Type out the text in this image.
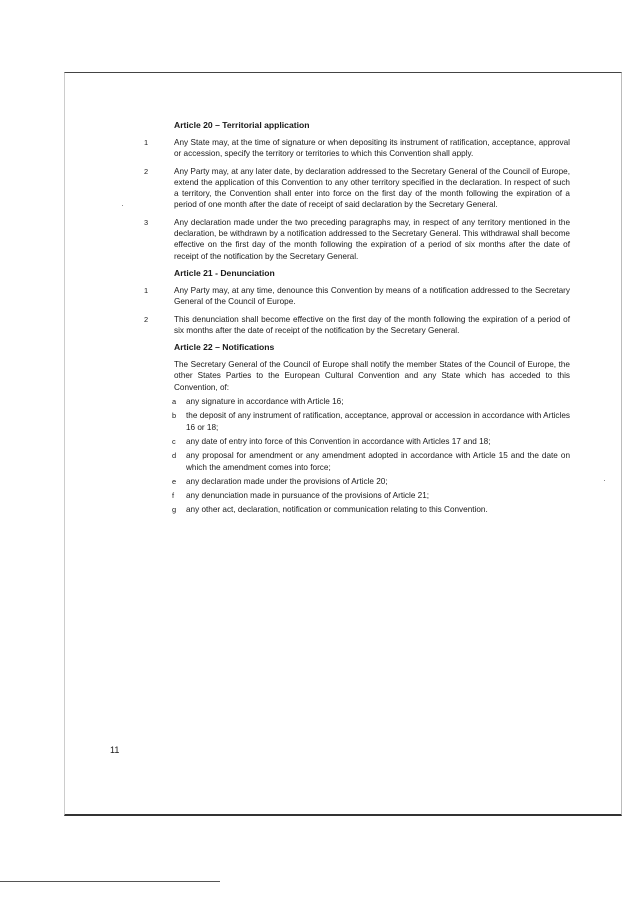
Article 20 – Territorial application
1	Any State may, at the time of signature or when depositing its instrument of ratification, acceptance, approval or accession, specify the territory or territories to which this Convention shall apply.
2	Any Party may, at any later date, by declaration addressed to the Secretary General of the Council of Europe, extend the application of this Convention to any other territory specified in the declaration. In respect of such a territory, the Convention shall enter into force on the first day of the month following the expiration of a period of one month after the date of receipt of said declaration by the Secretary General.
3	Any declaration made under the two preceding paragraphs may, in respect of any territory mentioned in the declaration, be withdrawn by a notification addressed to the Secretary General. This withdrawal shall become effective on the first day of the month following the expiration of a period of six months after the date of receipt of the notification by the Secretary General.
Article 21 - Denunciation
1	Any Party may, at any time, denounce this Convention by means of a notification addressed to the Secretary General of the Council of Europe.
2	This denunciation shall become effective on the first day of the month following the expiration of a period of six months after the date of receipt of the notification by the Secretary General.
Article 22 – Notifications
The Secretary General of the Council of Europe shall notify the member States of the Council of Europe, the other States Parties to the European Cultural Convention and any State which has acceded to this Convention, of:
a any signature in accordance with Article 16;
b the deposit of any instrument of ratification, acceptance, approval or accession in accordance with Articles 16 or 18;
c any date of entry into force of this Convention in accordance with Articles 17 and 18;
d any proposal for amendment or any amendment adopted in accordance with Article 15 and the date on which the amendment comes into force;
e any declaration made under the provisions of Article 20;
f any denunciation made in pursuance of the provisions of Article 21;
g any other act, declaration, notification or communication relating to this Convention.
11
